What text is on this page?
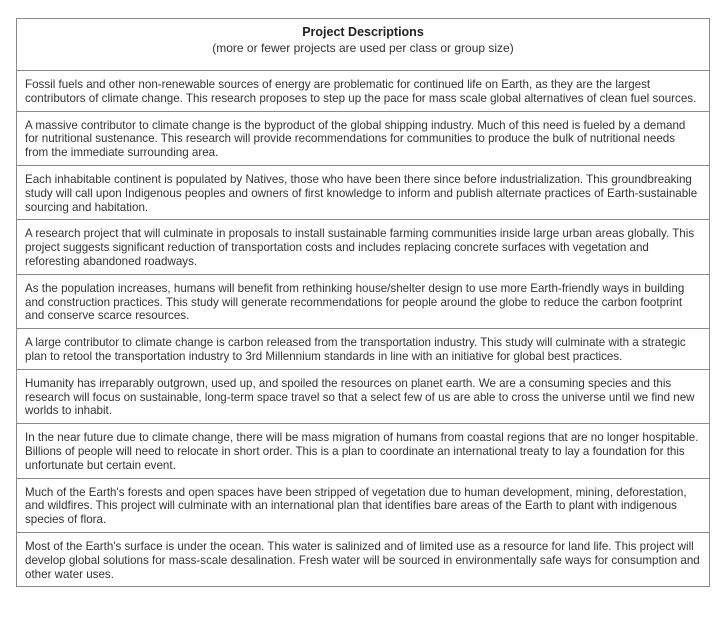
Project Descriptions
(more or fewer projects are used per class or group size)

Fossil fuels and other non-renewable sources of energy are problematic for continued life on Earth, as they are the largest contributors of climate change. This research proposes to step up the pace for mass scale global alternatives of clean fuel sources.
A massive contributor to climate change is the byproduct of the global shipping industry. Much of this need is fueled by a demand for nutritional sustenance. This research will provide recommendations for communities to produce the bulk of nutritional needs from the immediate surrounding area.
Each inhabitable continent is populated by Natives, those who have been there since before industrialization. This groundbreaking study will call upon Indigenous peoples and owners of first knowledge to inform and publish alternate practices of Earth-sustainable sourcing and habitation.
A research project that will culminate in proposals to install sustainable farming communities inside large urban areas globally. This project suggests significant reduction of transportation costs and includes replacing concrete surfaces with vegetation and reforesting abandoned roadways.
As the population increases, humans will benefit from rethinking house/shelter design to use more Earth-friendly ways in building and construction practices. This study will generate recommendations for people around the globe to reduce the carbon footprint and conserve scarce resources.
A large contributor to climate change is carbon released from the transportation industry. This study will culminate with a strategic plan to retool the transportation industry to 3rd Millennium standards in line with an initiative for global best practices.
Humanity has irreparably outgrown, used up, and spoiled the resources on planet earth. We are a consuming species and this research will focus on sustainable, long-term space travel so that a select few of us are able to cross the universe until we find new worlds to inhabit.
In the near future due to climate change, there will be mass migration of humans from coastal regions that are no longer hospitable. Billions of people will need to relocate in short order. This is a plan to coordinate an international treaty to lay a foundation for this unfortunate but certain event.
Much of the Earth's forests and open spaces have been stripped of vegetation due to human development, mining, deforestation, and wildfires. This project will culminate with an international plan that identifies bare areas of the Earth to plant with indigenous species of flora.
Most of the Earth's surface is under the ocean. This water is salinized and of limited use as a resource for land life. This project will develop global solutions for mass-scale desalination. Fresh water will be sourced in environmentally safe ways for consumption and other water uses.
